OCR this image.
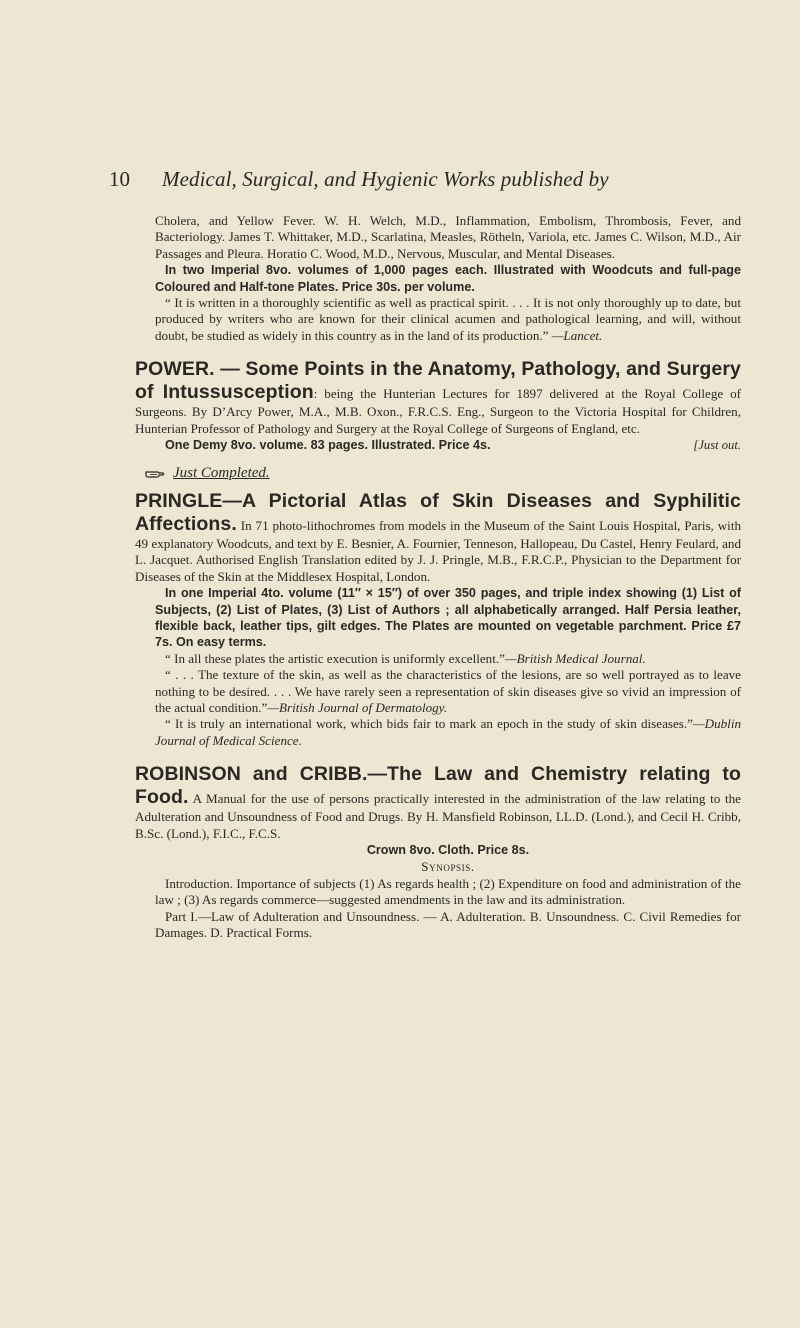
10 Medical, Surgical, and Hygienic Works published by

Cholera, and Yellow Fever. W. H. Welch, M.D., Inflammation, Embolism, Thrombosis, Fever, and Bacteriology. James T. Whittaker, M.D., Scarlatina, Measles, Rötheln, Variola, etc. James C. Wilson, M.D., Air Passages and Pleura. Horatio C. Wood, M.D., Nervous, Muscular, and Mental Diseases.

In two Imperial 8vo. volumes of 1,000 pages each. Illustrated with Woodcuts and full-page Coloured and Half-tone Plates. Price 30s. per volume.

“ It is written in a thoroughly scientific as well as practical spirit. . . . It is not only thoroughly up to date, but produced by writers who are known for their clinical acumen and pathological learning, and will, without doubt, be studied as widely in this country as in the land of its production.” —Lancet.

POWER. — Some Points in the Anatomy, Pathology, and Surgery of Intussusception: being the Hunterian Lectures for 1897 delivered at the Royal College of Surgeons. By D’Arcy Power, M.A., M.B. Oxon., F.R.C.S. Eng., Surgeon to the Victoria Hospital for Children, Hunterian Professor of Pathology and Surgery at the Royal College of Surgeons of England, etc.

One Demy 8vo. volume. 83 pages. Illustrated. Price 4s.	[Just out.

Just Completed.

PRINGLE—A Pictorial Atlas of Skin Diseases and Syphilitic Affections. In 71 photo-lithochromes from models in the Museum of the Saint Louis Hospital, Paris, with 49 explanatory Woodcuts, and text by E. Besnier, A. Fournier, Tenneson, Hallopeau, Du Castel, Henry Feulard, and L. Jacquet. Authorised English Translation edited by J. J. Pringle, M.B., F.R.C.P., Physician to the Department for Diseases of the Skin at the Middlesex Hospital, London.

In one Imperial 4to. volume (11″ × 15″) of over 350 pages, and triple index showing (1) List of Subjects, (2) List of Plates, (3) List of Authors ; all alphabetically arranged. Half Persia leather, flexible back, leather tips, gilt edges. The Plates are mounted on vegetable parchment. Price £7 7s. On easy terms.

“ In all these plates the artistic execution is uniformly excellent.”—British Medical Journal.

“ . . . The texture of the skin, as well as the characteristics of the lesions, are so well portrayed as to leave nothing to be desired. . . . We have rarely seen a representation of skin diseases give so vivid an impression of the actual condition.”—British Journal of Dermatology.

“ It is truly an international work, which bids fair to mark an epoch in the study of skin diseases.”—Dublin Journal of Medical Science.

ROBINSON and CRIBB.—The Law and Chemistry relating to Food. A Manual for the use of persons practically interested in the administration of the law relating to the Adulteration and Unsoundness of Food and Drugs. By H. Mansfield Robinson, LL.D. (Lond.), and Cecil H. Cribb, B.Sc. (Lond.), F.I.C., F.C.S.

Crown 8vo. Cloth. Price 8s.

Synopsis.

Introduction. Importance of subjects (1) As regards health ; (2) Expenditure on food and administration of the law ; (3) As regards commerce—suggested amendments in the law and its administration.

Part I.—Law of Adulteration and Unsoundness. — A. Adulteration. B. Unsoundness. C. Civil Remedies for Damages. D. Practical Forms.
